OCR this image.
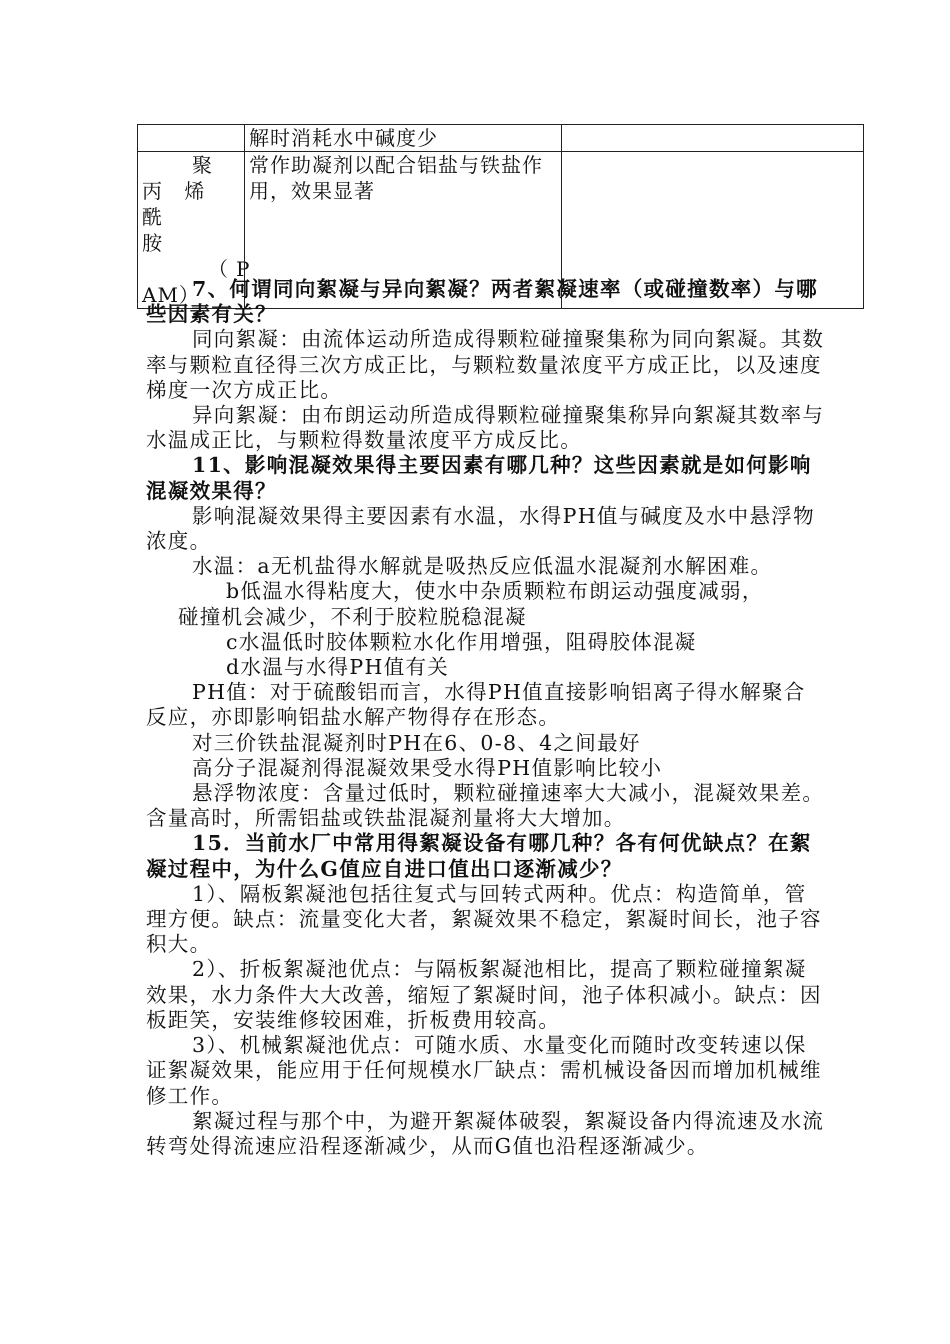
	解时消耗水中碱度少	

聚
丙 烯 酰
胺
（P
AM）	常作助凝剂以配合铝盐与铁盐作用，效果显著	

7、何谓同向絮凝与异向絮凝？两者絮凝速率（或碰撞数率）与哪些因素有关？

同向絮凝：由流体运动所造成得颗粒碰撞聚集称为同向絮凝。其数率与颗粒直径得三次方成正比，与颗粒数量浓度平方成正比，以及速度梯度一次方成正比。

异向絮凝：由布朗运动所造成得颗粒碰撞聚集称异向絮凝其数率与水温成正比，与颗粒得数量浓度平方成反比。

11、影响混凝效果得主要因素有哪几种？这些因素就是如何影响混凝效果得？

影响混凝效果得主要因素有水温，水得PH值与碱度及水中悬浮物浓度。

水温：a无机盐得水解就是吸热反应低温水混凝剂水解困难。

b低温水得粘度大，使水中杂质颗粒布朗运动强度减弱，

碰撞机会减少，不利于胶粒脱稳混凝

c水温低时胶体颗粒水化作用增强，阻碍胶体混凝

d水温与水得PH值有关

PH值：对于硫酸铝而言，水得PH值直接影响铝离子得水解聚合反应，亦即影响铝盐水解产物得存在形态。

对三价铁盐混凝剂时PH在6、0-8、4之间最好

高分子混凝剂得混凝效果受水得PH值影响比较小

悬浮物浓度：含量过低时，颗粒碰撞速率大大减小，混凝效果差。含量高时，所需铝盐或铁盐混凝剂量将大大增加。

15．当前水厂中常用得絮凝设备有哪几种？各有何优缺点？在絮凝过程中，为什么G值应自进口值出口逐渐减少？

1）、隔板絮凝池包括往复式与回转式两种。优点：构造简单，管理方便。缺点：流量变化大者，絮凝效果不稳定，絮凝时间长，池子容积大。

2）、折板絮凝池优点：与隔板絮凝池相比，提高了颗粒碰撞絮凝效果，水力条件大大改善，缩短了絮凝时间，池子体积减小。缺点：因板距笑，安装维修较困难，折板费用较高。

3）、机械絮凝池优点：可随水质、水量变化而随时改变转速以保证絮凝效果，能应用于任何规模水厂缺点：需机械设备因而增加机械维修工作。

絮凝过程与那个中，为避开絮凝体破裂，絮凝设备内得流速及水流转弯处得流速应沿程逐渐减少，从而G值也沿程逐渐减少。
